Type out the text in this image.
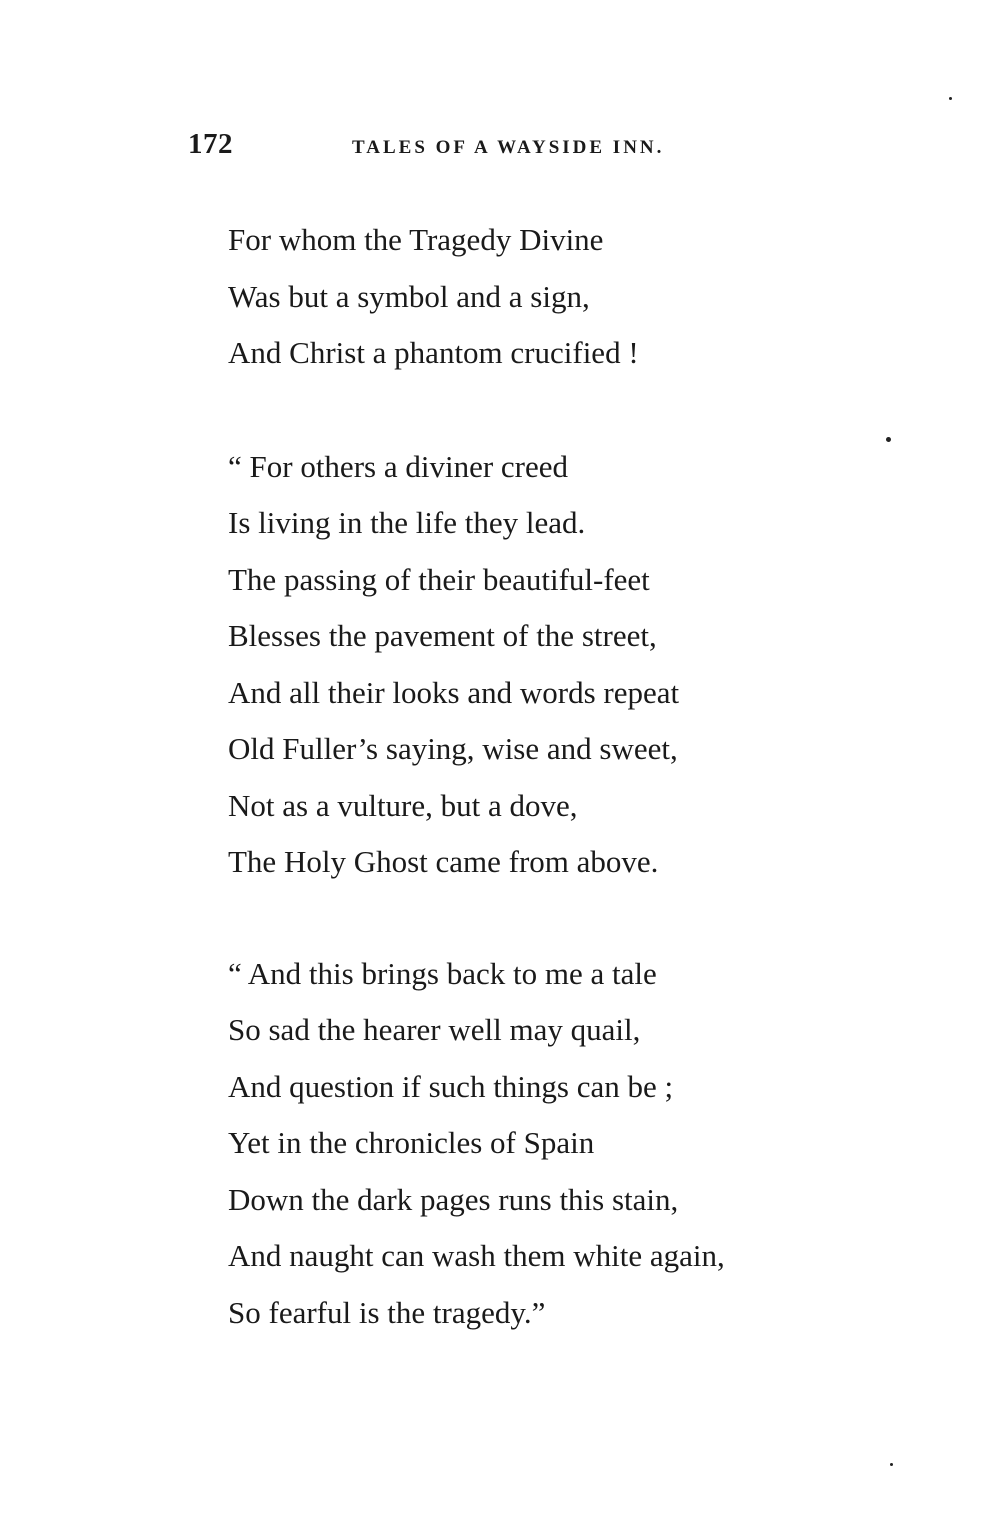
172	TALES OF A WAYSIDE INN.
For whom the Tragedy Divine
Was but a symbol and a sign,
And Christ a phantom crucified !
“ For others a diviner creed
Is living in the life they lead.
The passing of their beautiful-feet
Blesses the pavement of the street,
And all their looks and words repeat
Old Fuller’s saying, wise and sweet,
Not as a vulture, but a dove,
The Holy Ghost came from above.
“ And this brings back to me a tale
So sad the hearer well may quail,
And question if such things can be ;
Yet in the chronicles of Spain
Down the dark pages runs this stain,
And naught can wash them white again,
So fearful is the tragedy.”
